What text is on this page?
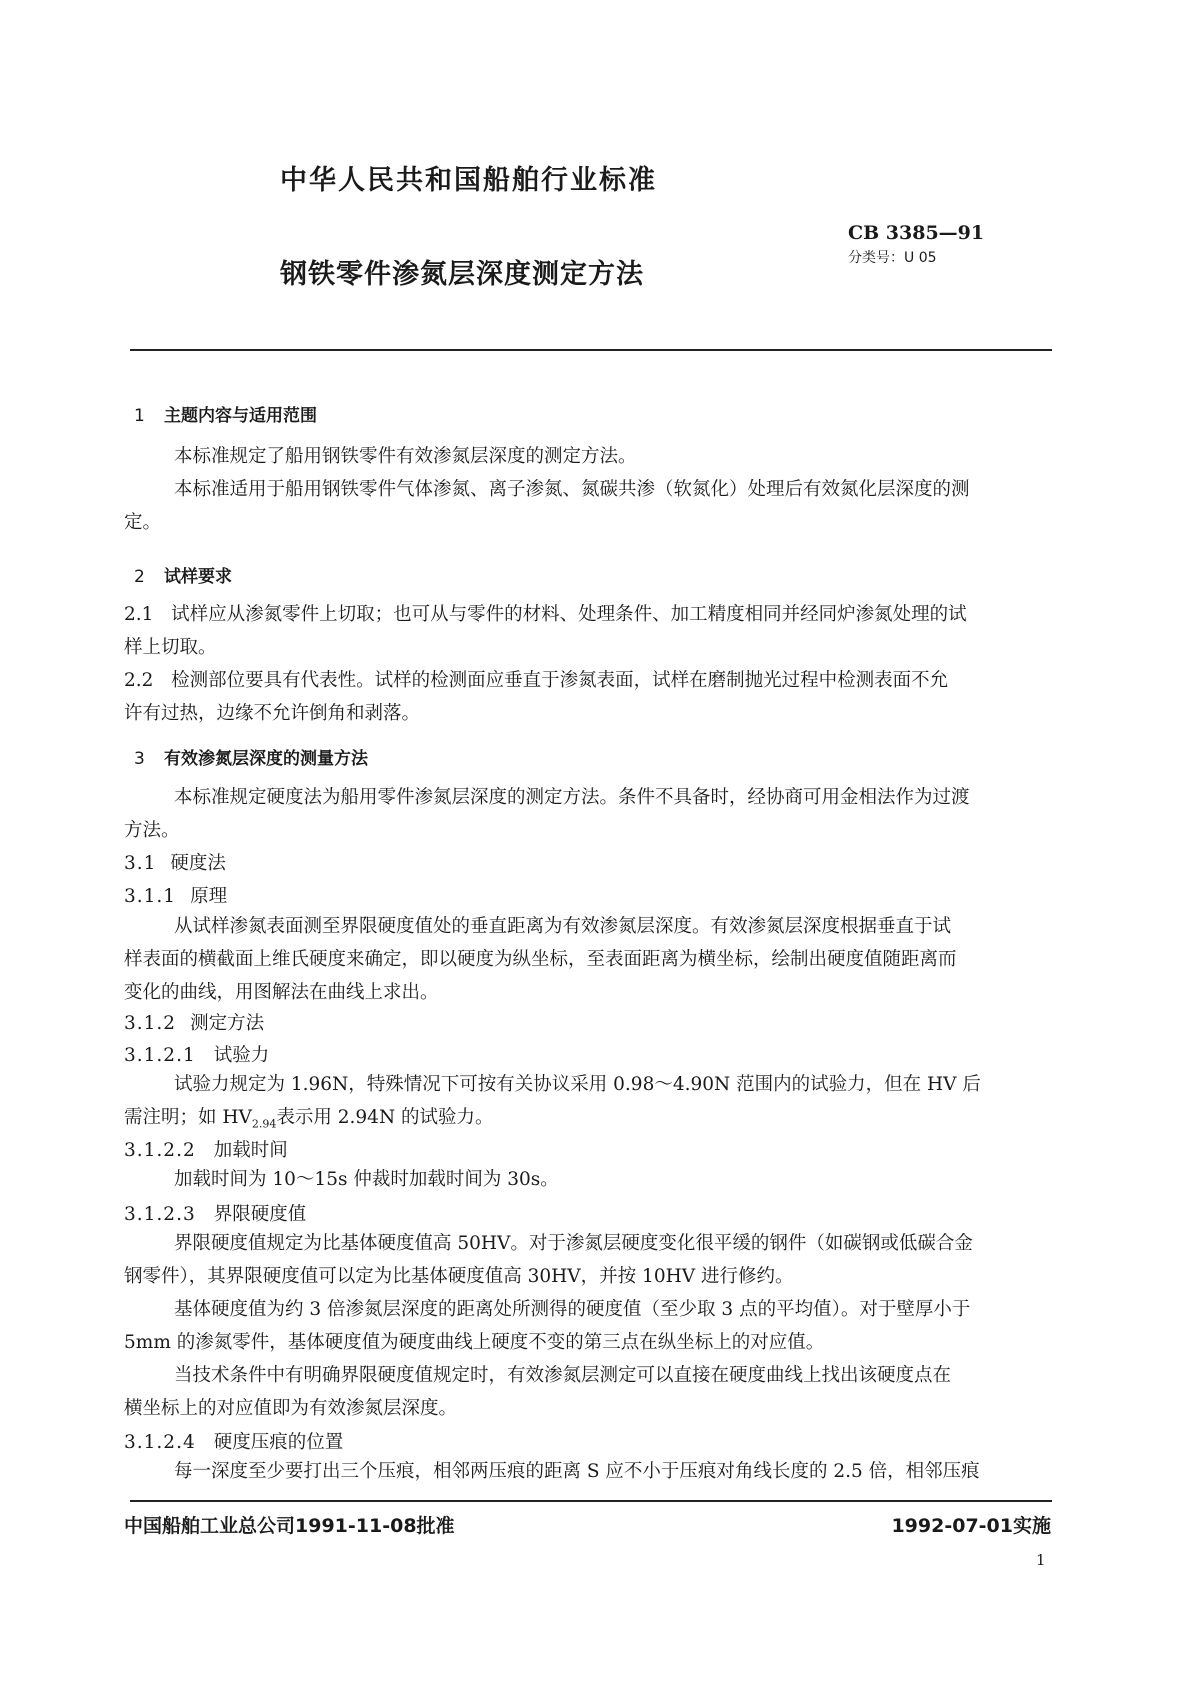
中华人民共和国船舶行业标准
CB 3385—91
分类号：U 05
钢铁零件渗氮层深度测定方法
1 主题内容与适用范围
本标准规定了船用钢铁零件有效渗氮层深度的测定方法。
本标准适用于船用钢铁零件气体渗氮、离子渗氮、氮碳共渗（软氮化）处理后有效氮化层深度的测
定。
2 试样要求
2.1 试样应从渗氮零件上切取；也可从与零件的材料、处理条件、加工精度相同并经同炉渗氮处理的试
样上切取。
2.2 检测部位要具有代表性。试样的检测面应垂直于渗氮表面，试样在磨制抛光过程中检测表面不允
许有过热，边缘不允许倒角和剥落。
3 有效渗氮层深度的测量方法
本标准规定硬度法为船用零件渗氮层深度的测定方法。条件不具备时，经协商可用金相法作为过渡
方法。
3.1 硬度法
3.1.1 原理
从试样渗氮表面测至界限硬度值处的垂直距离为有效渗氮层深度。有效渗氮层深度根据垂直于试
样表面的横截面上维氏硬度来确定，即以硬度为纵坐标，至表面距离为横坐标，绘制出硬度值随距离而
变化的曲线，用图解法在曲线上求出。
3.1.2 测定方法
3.1.2.1 试验力
试验力规定为 1.96N，特殊情况下可按有关协议采用 0.98～4.90N 范围内的试验力，但在 HV 后
需注明；如 $HV_{2.94}$表示用 2.94N 的试验力。
3.1.2.2 加载时间
加载时间为 10～15s 仲裁时加载时间为 30s。
3.1.2.3 界限硬度值
界限硬度值规定为比基体硬度值高 50HV。对于渗氮层硬度变化很平缓的钢件（如碳钢或低碳合金
钢零件），其界限硬度值可以定为比基体硬度值高 30HV，并按 10HV 进行修约。
基体硬度值为约 3 倍渗氮层深度的距离处所测得的硬度值（至少取 3 点的平均值）。对于壁厚小于
5mm 的渗氮零件，基体硬度值为硬度曲线上硬度不变的第三点在纵坐标上的对应值。
当技术条件中有明确界限硬度值规定时，有效渗氮层测定可以直接在硬度曲线上找出该硬度点在
横坐标上的对应值即为有效渗氮层深度。
3.1.2.4 硬度压痕的位置
每一深度至少要打出三个压痕，相邻两压痕的距离 S 应不小于压痕对角线长度的 2.5 倍，相邻压痕
中国船舶工业总公司1991-11-08批准	1992-07-01实施
1
